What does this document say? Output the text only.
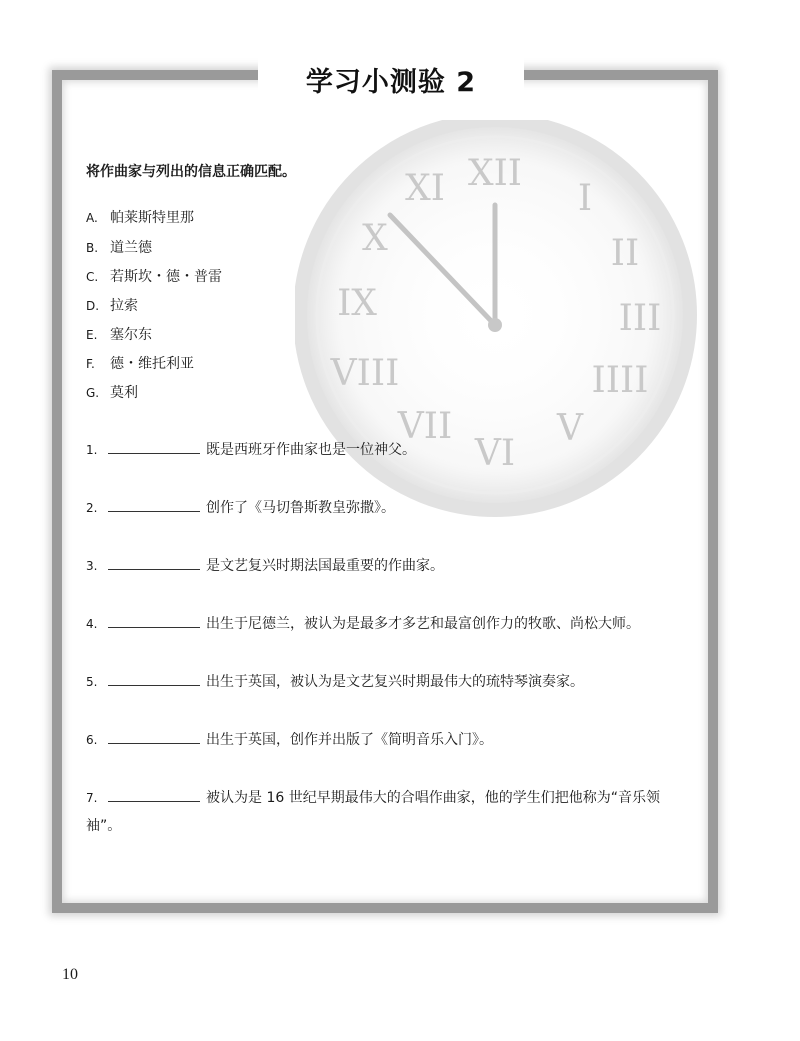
学习小测验 2
XII
I
II
III
IIII
V
VI
VII
VIII
IX
X
XI
将作曲家与列出的信息正确匹配。
A. 帕莱斯特里那
B. 道兰德
C. 若斯坎・德・普雷
D. 拉索
E. 塞尔东
F. 德・维托利亚
G. 莫利
1.	既是西班牙作曲家也是一位神父。
2.	创作了《马切鲁斯教皇弥撒》。
3.	是文艺复兴时期法国最重要的作曲家。
4.	出生于尼德兰，被认为是最多才多艺和最富创作力的牧歌、尚松大师。
5.	出生于英国，被认为是文艺复兴时期最伟大的琉特琴演奏家。
6.	出生于英国，创作并出版了《简明音乐入门》。
7.	被认为是 16 世纪早期最伟大的合唱作曲家，他的学生们把他称为“音乐领袖”。
10
